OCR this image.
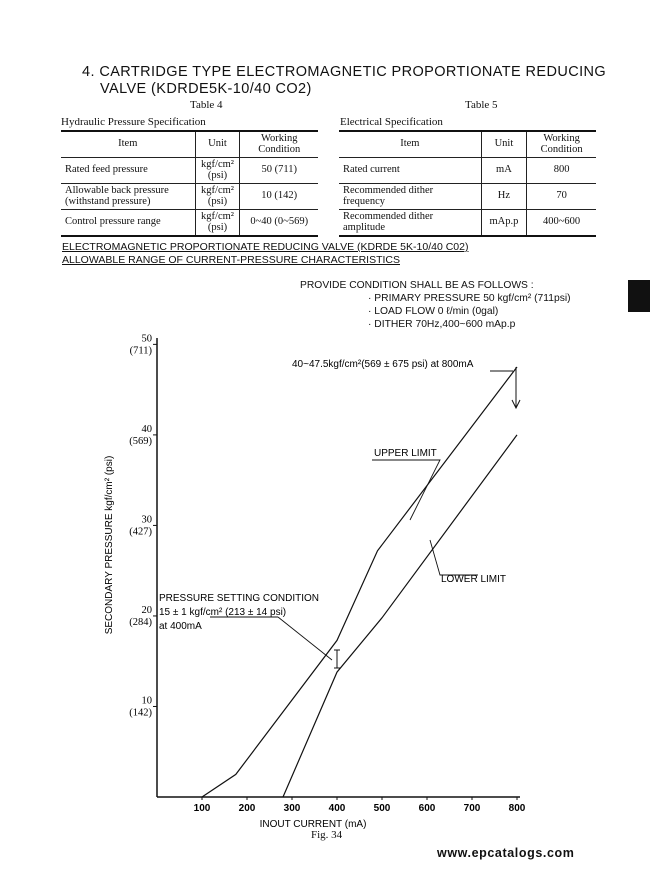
4. CARTRIDGE TYPE ELECTROMAGNETIC PROPORTIONATE REDUCING
VALVE (KDRDE5K-10/40 CO2)
Table 4
Hydraulic Pressure Specification
Table 5
Electrical Specification
Item	Unit	Working Condition
Rated feed pressure	kgf/cm² (psi)	50 (711)
Allowable back pressure (withstand pressure)	kgf/cm² (psi)	10 (142)
Control pressure range	kgf/cm² (psi)	0~40 (0~569)
Item	Unit	Working Condition
Rated current	mA	800
Recommended dither frequency	Hz	70
Recommended dither amplitude	mAp.p	400~600
ELECTROMAGNETIC PROPORTIONATE REDUCING VALVE (KDRDE 5K-10/40 C02)
ALLOWABLE RANGE OF CURRENT-PRESSURE CHARACTERISTICS
PROVIDE CONDITION SHALL BE AS FOLLOWS :
· PRIMARY PRESSURE 50 kgf/cm² (711psi)
· LOAD FLOW 0 ℓ/min (0gal)
· DITHER 70Hz,400~600 mAp.p
50
(711)
40
(569)
30
(427)
20
(284)
10
(142)
100	200	300	400	500	600	700	800
SECONDARY PRESSURE kgf/cm² (psi)
INOUT CURRENT (mA)
40~47.5kgf/cm²(569 ± 675 psi) at 800mA
UPPER LIMIT
LOWER LIMIT
PRESSURE SETTING CONDITION
15 ± 1 kgf/cm² (213 ± 14 psi)
at 400mA
Fig. 34
www.epcatalogs.com
